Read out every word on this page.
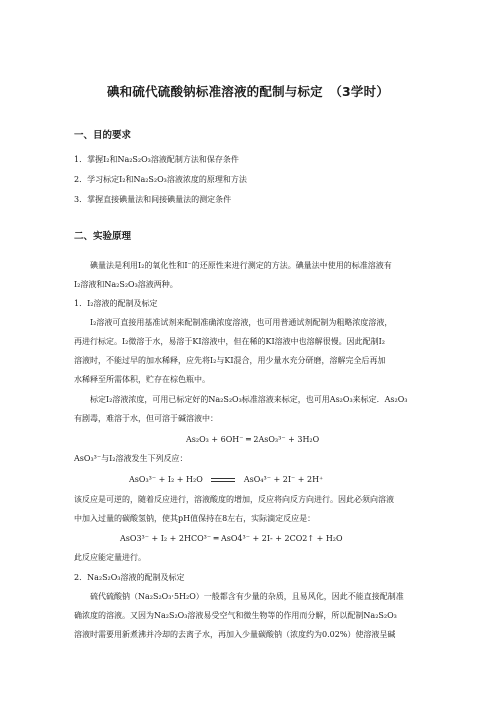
碘和硫代硫酸钠标准溶液的配制与标定　（3学时）
一、目的要求
1．掌握I₂和Na₂S₂O₃溶液配制方法和保存条件
2．学习标定I₂和Na₂S₂O₃溶液浓度的原理和方法
3．掌握直接碘量法和间接碘量法的测定条件
二、实验原理
碘量法是利用I₂的氧化性和I⁻的还原性来进行测定的方法。碘量法中使用的标准溶液有
I₂溶液和Na₂S₂O₃溶液两种。
1．I₂溶液的配制及标定
I₂溶液可直接用基准试剂来配制准确浓度溶液，也可用普通试剂配制为粗略浓度溶液，
再进行标定。I₂微溶于水，易溶于KI溶液中，但在稀的KI溶液中也溶解很慢。因此配制I₂
溶液时，不能过早的加水稀释，应先将I₂与KI混合，用少量水充分研磨，溶解完全后再加
水稀释至所需体积，贮存在棕色瓶中。
标定I₂溶液浓度，可用已标定好的Na₂S₂O₃标准溶液来标定，也可用As₂O₃来标定．As₂O₃
有剧毒，难溶于水，但可溶于碱溶液中：
As₂O₃ + 6OH⁻ ═ 2AsO₃³⁻ + 3H₂O
AsO₃³⁻与I₂溶液发生下列反应：
AsO₃³⁻ + I₂ + H₂O	AsO₄³⁻ + 2I⁻ + 2H⁺
该反应是可逆的，随着反应进行，溶液酸度的增加，反应将向反方向进行。因此必须向溶液
中加入过量的碳酸氢钠，使其pH值保持在8左右，实际滴定反应是：
AsO3³⁻ + I₂ + 2HCO³⁻ ═ AsO4³⁻ + 2I- + 2CO2↑ + H₂O
此反应能定量进行。
2．Na₂S₂O₃溶液的配制及标定
硫代硫酸钠（Na₂S₂O₃·5H₂O）一般都含有少量的杂质，且易风化，因此不能直接配制准
确浓度的溶液。又因为Na₂S₂O₃溶液易受空气和微生物等的作用而分解，所以配制Na₂S₂O₃
溶液时需要用新煮沸并冷却的去离子水，再加入少量碳酸钠（浓度约为0.02%）使溶液呈碱
